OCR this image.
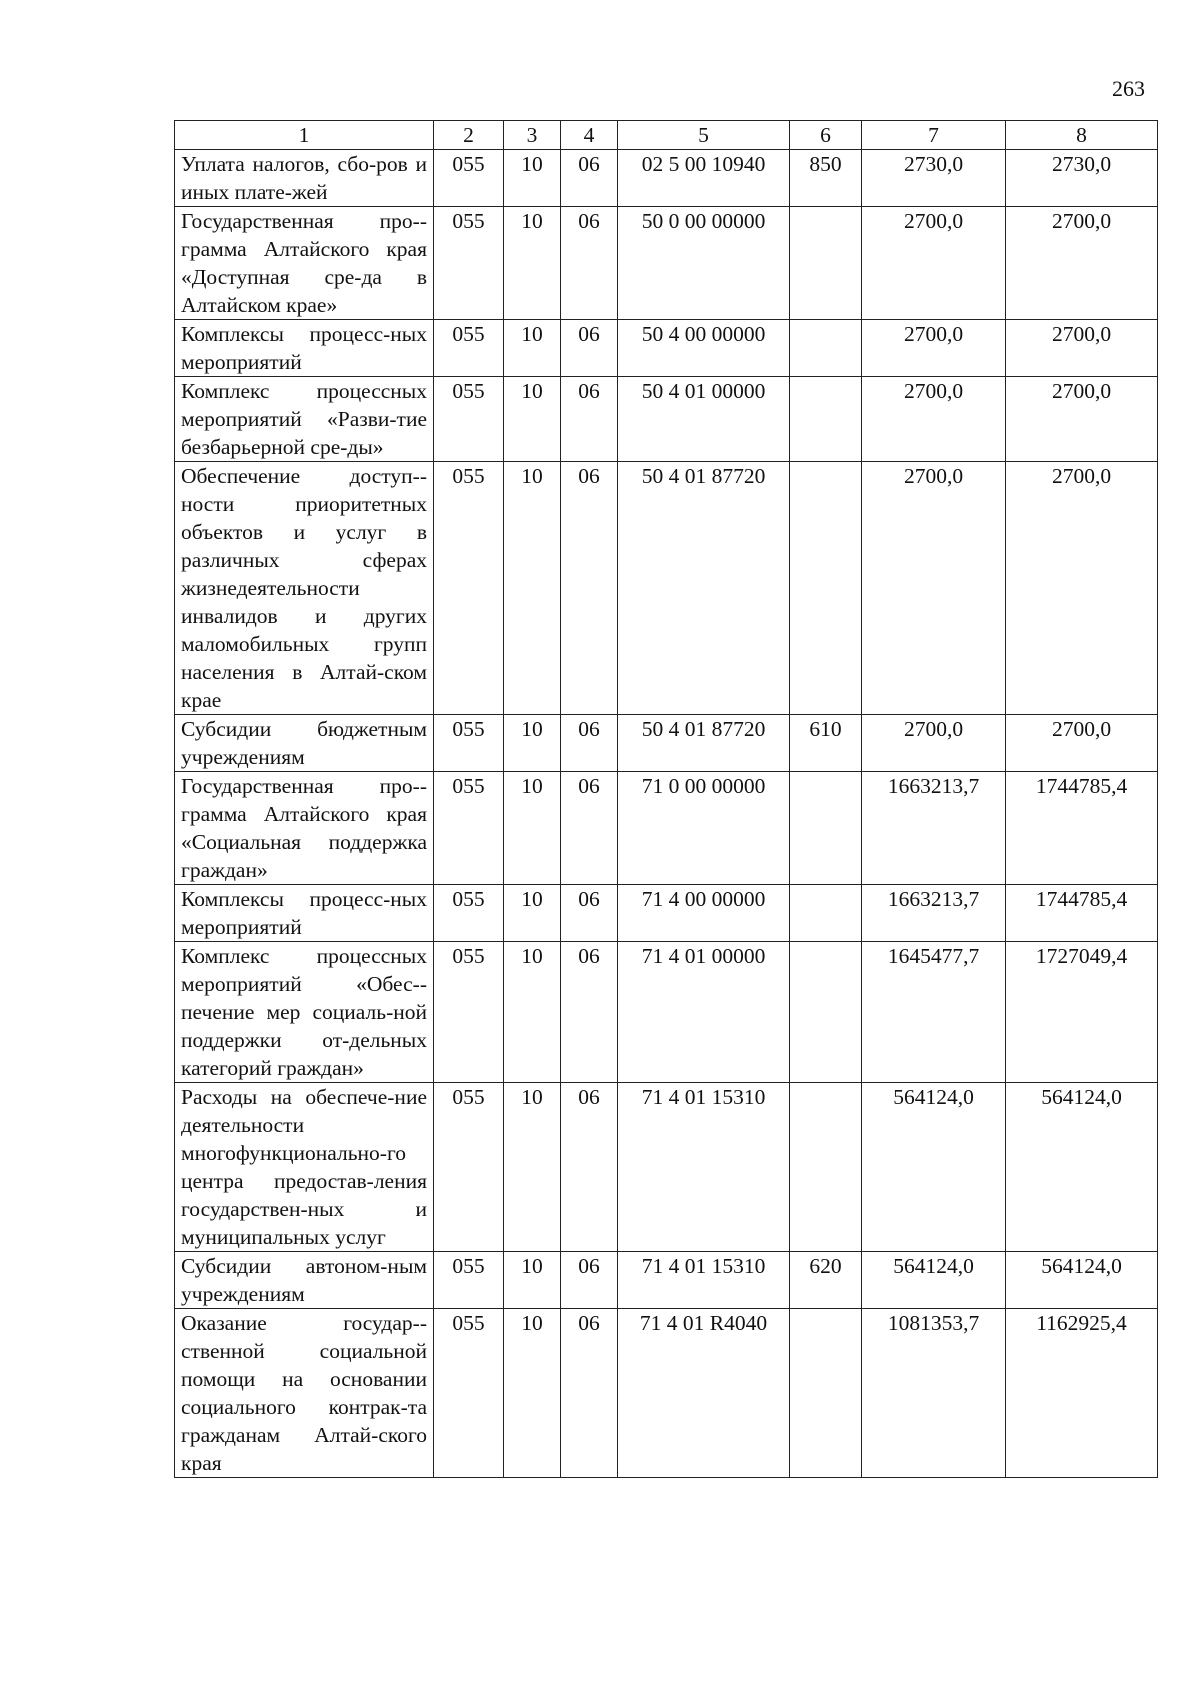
263
1	2	3	4	5	6	7	8
Уплата налогов, сбо-ров и иных плате-жей	055	10	06	02 5 00 10940	850	2730,0	2730,0
Государственная про-грамма Алтайского края «Доступная сре-да в Алтайском крае»	055	10	06	50 0 00 00000		2700,0	2700,0
Комплексы процесс-ных мероприятий	055	10	06	50 4 00 00000		2700,0	2700,0
Комплекс процессных мероприятий «Разви-тие безбарьерной сре-ды»	055	10	06	50 4 01 00000		2700,0	2700,0
Обеспечение доступ-ности приоритетных объектов и услуг в различных сферах жизнедеятельности инвалидов и других маломобильных групп населения в Алтай-ском крае	055	10	06	50 4 01 87720		2700,0	2700,0
Субсидии бюджетным учреждениям	055	10	06	50 4 01 87720	610	2700,0	2700,0
Государственная про-грамма Алтайского края «Социальная поддержка граждан»	055	10	06	71 0 00 00000		1663213,7	1744785,4
Комплексы процесс-ных мероприятий	055	10	06	71 4 00 00000		1663213,7	1744785,4
Комплекс процессных мероприятий «Обес-печение мер социаль-ной поддержки от-дельных категорий граждан»	055	10	06	71 4 01 00000		1645477,7	1727049,4
Расходы на обеспече-ние деятельности многофункционально-го центра предостав-ления государствен-ных и муниципальных услуг	055	10	06	71 4 01 15310		564124,0	564124,0
Субсидии автоном-ным учреждениям	055	10	06	71 4 01 15310	620	564124,0	564124,0
Оказание государ-ственной социальной помощи на основании социального контрак-та гражданам Алтай-ского края	055	10	06	71 4 01 R4040		1081353,7	1162925,4
